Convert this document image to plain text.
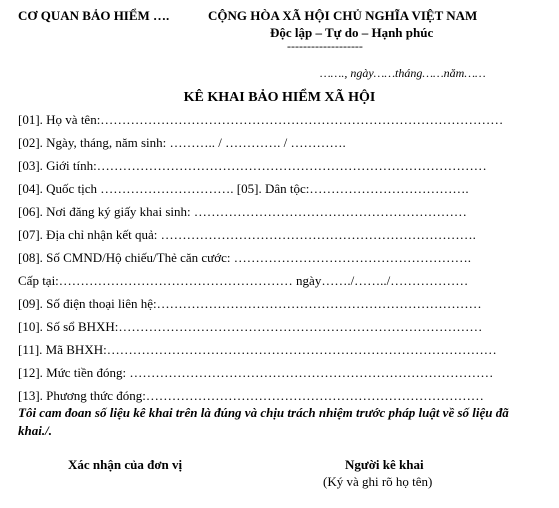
CƠ QUAN BẢO HIỂM ….	CỘNG HÒA XÃ HỘI CHỦ NGHĨA VIỆT NAM
Độc lập – Tự do – Hạnh phúc
-------------------
……., ngày……tháng……năm……
KÊ KHAI BẢO HIỂM XÃ HỘI
[01]. Họ và tên:…………………………………………………………………………………
[02]. Ngày, tháng, năm sinh: ……….. / …………. / ………….
[03]. Giới tính:………………………………………………………………………………
[04]. Quốc tịch …………………………. [05]. Dân tộc:……………………………….
[06]. Nơi đăng ký giấy khai sinh: ………………………………………………………
[07]. Địa chỉ nhận kết quả: ……………………………………………………………….
[08]. Số CMND/Hộ chiếu/Thẻ căn cước: ……………………………………………….
Cấp tại:……………………………………………… ngày……./……../………………
[09]. Số điện thoại liên hệ:…………………………………………………………………
[10]. Số sổ BHXH:…………………………………………………………………………
[11]. Mã BHXH:………………………………………………………………………………
[12]. Mức tiền đóng: …………………………………………………………………………
[13]. Phương thức đóng:……………………………………………………………………
Tôi cam đoan số liệu kê khai trên là đúng và chịu trách nhiệm trước pháp luật về số liệu đã khai./.
Xác nhận của đơn vị	Người kê khai
(Ký và ghi rõ họ tên)
